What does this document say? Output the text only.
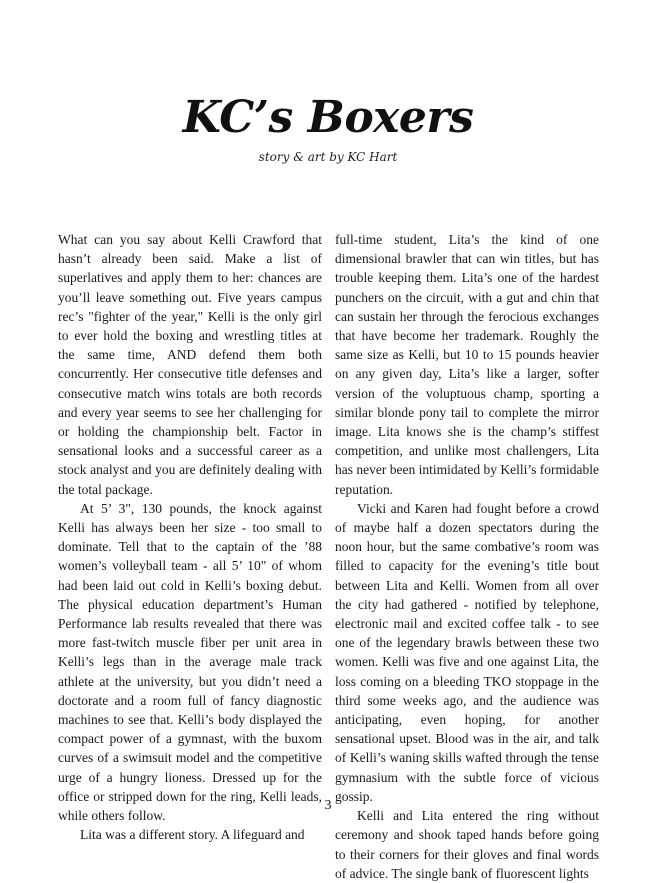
KC’s Boxers
story & art by KC Hart

What can you say about Kelli Crawford that hasn’t already been said. Make a list of superlatives and apply them to her: chances are you’ll leave something out. Five years campus rec’s "fighter of the year," Kelli is the only girl to ever hold the boxing and wrestling titles at the same time, AND defend them both concurrently. Her consecutive title defenses and consecutive match wins totals are both records and every year seems to see her challenging for or holding the championship belt. Factor in sensational looks and a successful career as a stock analyst and you are definitely dealing with the total package.

At 5’ 3", 130 pounds, the knock against Kelli has always been her size - too small to dominate. Tell that to the captain of the ’88 women’s volleyball team - all 5’ 10" of whom had been laid out cold in Kelli’s boxing debut. The physical education department’s Human Performance lab results revealed that there was more fast-twitch muscle fiber per unit area in Kelli’s legs than in the average male track athlete at the university, but you didn’t need a doctorate and a room full of fancy diagnostic machines to see that. Kelli’s body displayed the compact power of a gymnast, with the buxom curves of a swimsuit model and the competitive urge of a hungry lioness. Dressed up for the office or stripped down for the ring, Kelli leads, while others follow.

Lita was a different story. A lifeguard and

full-time student, Lita’s the kind of one dimensional brawler that can win titles, but has trouble keeping them. Lita’s one of the hardest punchers on the circuit, with a gut and chin that can sustain her through the ferocious exchanges that have become her trademark. Roughly the same size as Kelli, but 10 to 15 pounds heavier on any given day, Lita’s like a larger, softer version of the voluptuous champ, sporting a similar blonde pony tail to complete the mirror image. Lita knows she is the champ’s stiffest competition, and unlike most challengers, Lita has never been intimidated by Kelli’s formidable reputation.

Vicki and Karen had fought before a crowd of maybe half a dozen spectators during the noon hour, but the same combative’s room was filled to capacity for the evening’s title bout between Lita and Kelli. Women from all over the city had gathered - notified by telephone, electronic mail and excited coffee talk - to see one of the legendary brawls between these two women. Kelli was five and one against Lita, the loss coming on a bleeding TKO stoppage in the third some weeks ago, and the audience was anticipating, even hoping, for another sensational upset. Blood was in the air, and talk of Kelli’s waning skills wafted through the tense gymnasium with the subtle force of vicious gossip.

Kelli and Lita entered the ring without ceremony and shook taped hands before going to their corners for their gloves and final words of advice. The single bank of fluorescent lights

3
